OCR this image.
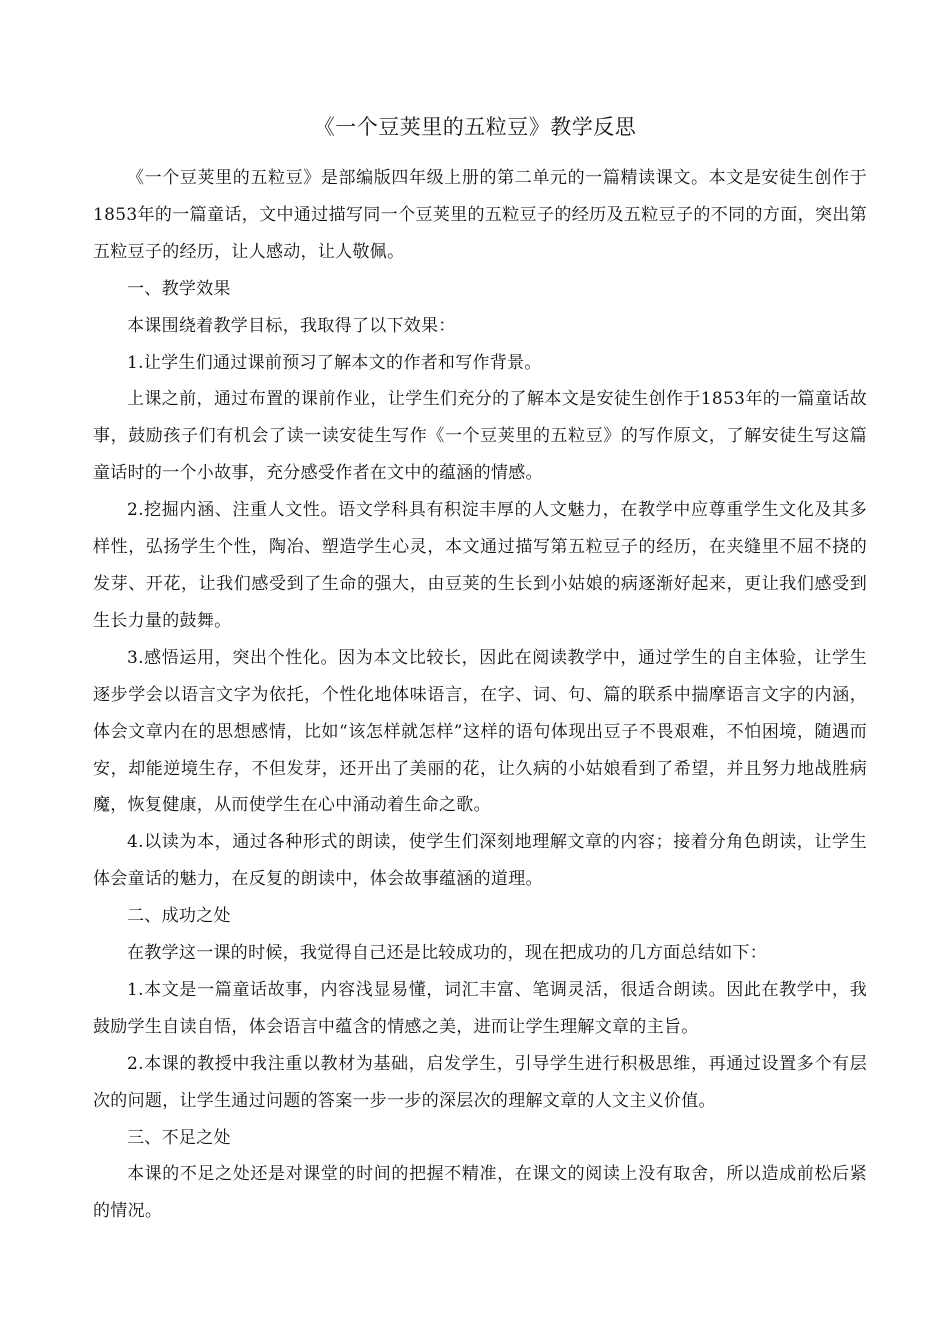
《一个豆荚里的五粒豆》教学反思

《一个豆荚里的五粒豆》是部编版四年级上册的第二单元的一篇精读课文。本文是安徒生创作于1853年的一篇童话，文中通过描写同一个豆荚里的五粒豆子的经历及五粒豆子的不同的方面，突出第五粒豆子的经历，让人感动，让人敬佩。

一、教学效果

本课围绕着教学目标，我取得了以下效果：

1.让学生们通过课前预习了解本文的作者和写作背景。

上课之前，通过布置的课前作业，让学生们充分的了解本文是安徒生创作于1853年的一篇童话故事，鼓励孩子们有机会了读一读安徒生写作《一个豆荚里的五粒豆》的写作原文，了解安徒生写这篇童话时的一个小故事，充分感受作者在文中的蕴涵的情感。

2.挖掘内涵、注重人文性。语文学科具有积淀丰厚的人文魅力，在教学中应尊重学生文化及其多样性，弘扬学生个性，陶冶、塑造学生心灵，本文通过描写第五粒豆子的经历，在夹缝里不屈不挠的发芽、开花，让我们感受到了生命的强大，由豆荚的生长到小姑娘的病逐渐好起来，更让我们感受到生长力量的鼓舞。

3.感悟运用，突出个性化。因为本文比较长，因此在阅读教学中，通过学生的自主体验，让学生逐步学会以语言文字为依托，个性化地体味语言，在字、词、句、篇的联系中揣摩语言文字的内涵，体会文章内在的思想感情，比如“该怎样就怎样”这样的语句体现出豆子不畏艰难，不怕困境，随遇而安，却能逆境生存，不但发芽，还开出了美丽的花，让久病的小姑娘看到了希望，并且努力地战胜病魔，恢复健康，从而使学生在心中涌动着生命之歌。

4.以读为本，通过各种形式的朗读，使学生们深刻地理解文章的内容；接着分角色朗读，让学生体会童话的魅力，在反复的朗读中，体会故事蕴涵的道理。

二、成功之处

在教学这一课的时候，我觉得自己还是比较成功的，现在把成功的几方面总结如下：

1.本文是一篇童话故事，内容浅显易懂，词汇丰富、笔调灵活，很适合朗读。因此在教学中，我鼓励学生自读自悟，体会语言中蕴含的情感之美，进而让学生理解文章的主旨。

2.本课的教授中我注重以教材为基础，启发学生，引导学生进行积极思维，再通过设置多个有层次的问题，让学生通过问题的答案一步一步的深层次的理解文章的人文主义价值。

三、不足之处

本课的不足之处还是对课堂的时间的把握不精准，在课文的阅读上没有取舍，所以造成前松后紧的情况。
